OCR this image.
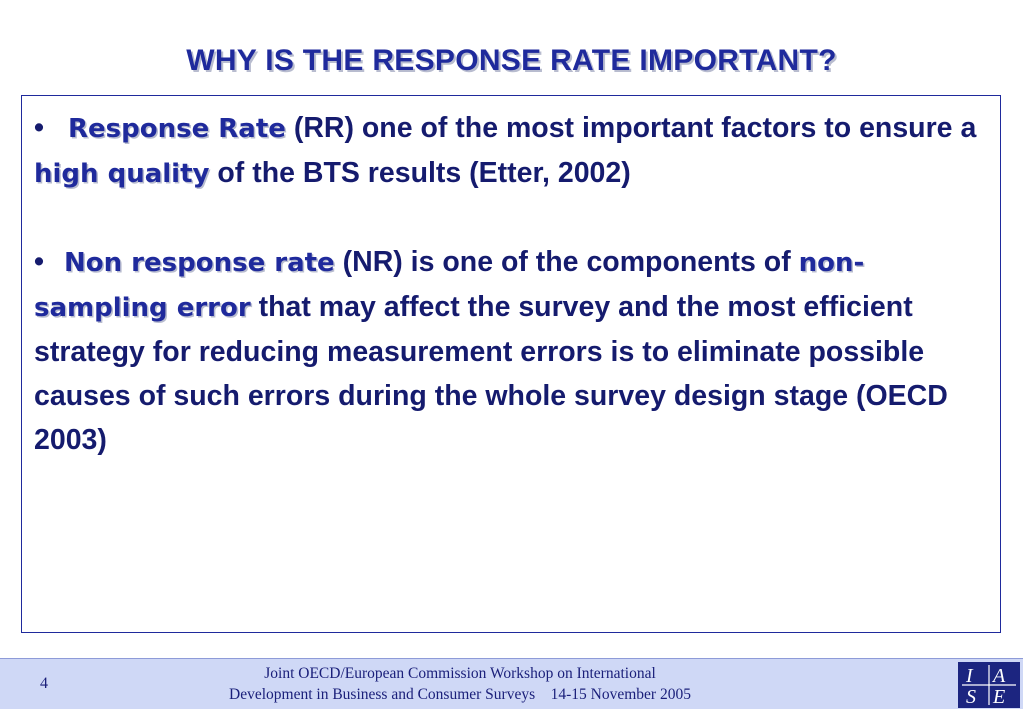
WHY IS THE RESPONSE RATE IMPORTANT?

• Response Rate (RR) one of the most important factors to ensure a high quality of the BTS results (Etter, 2002)

• Non response rate (NR) is one of the components of non-sampling error that may affect the survey and the most efficient strategy for reducing measurement errors is to eliminate possible causes of such errors during the whole survey design stage (OECD 2003)

4
Joint OECD/European Commission Workshop on International
Development in Business and Consumer Surveys    14-15 November 2005
I A
S E
